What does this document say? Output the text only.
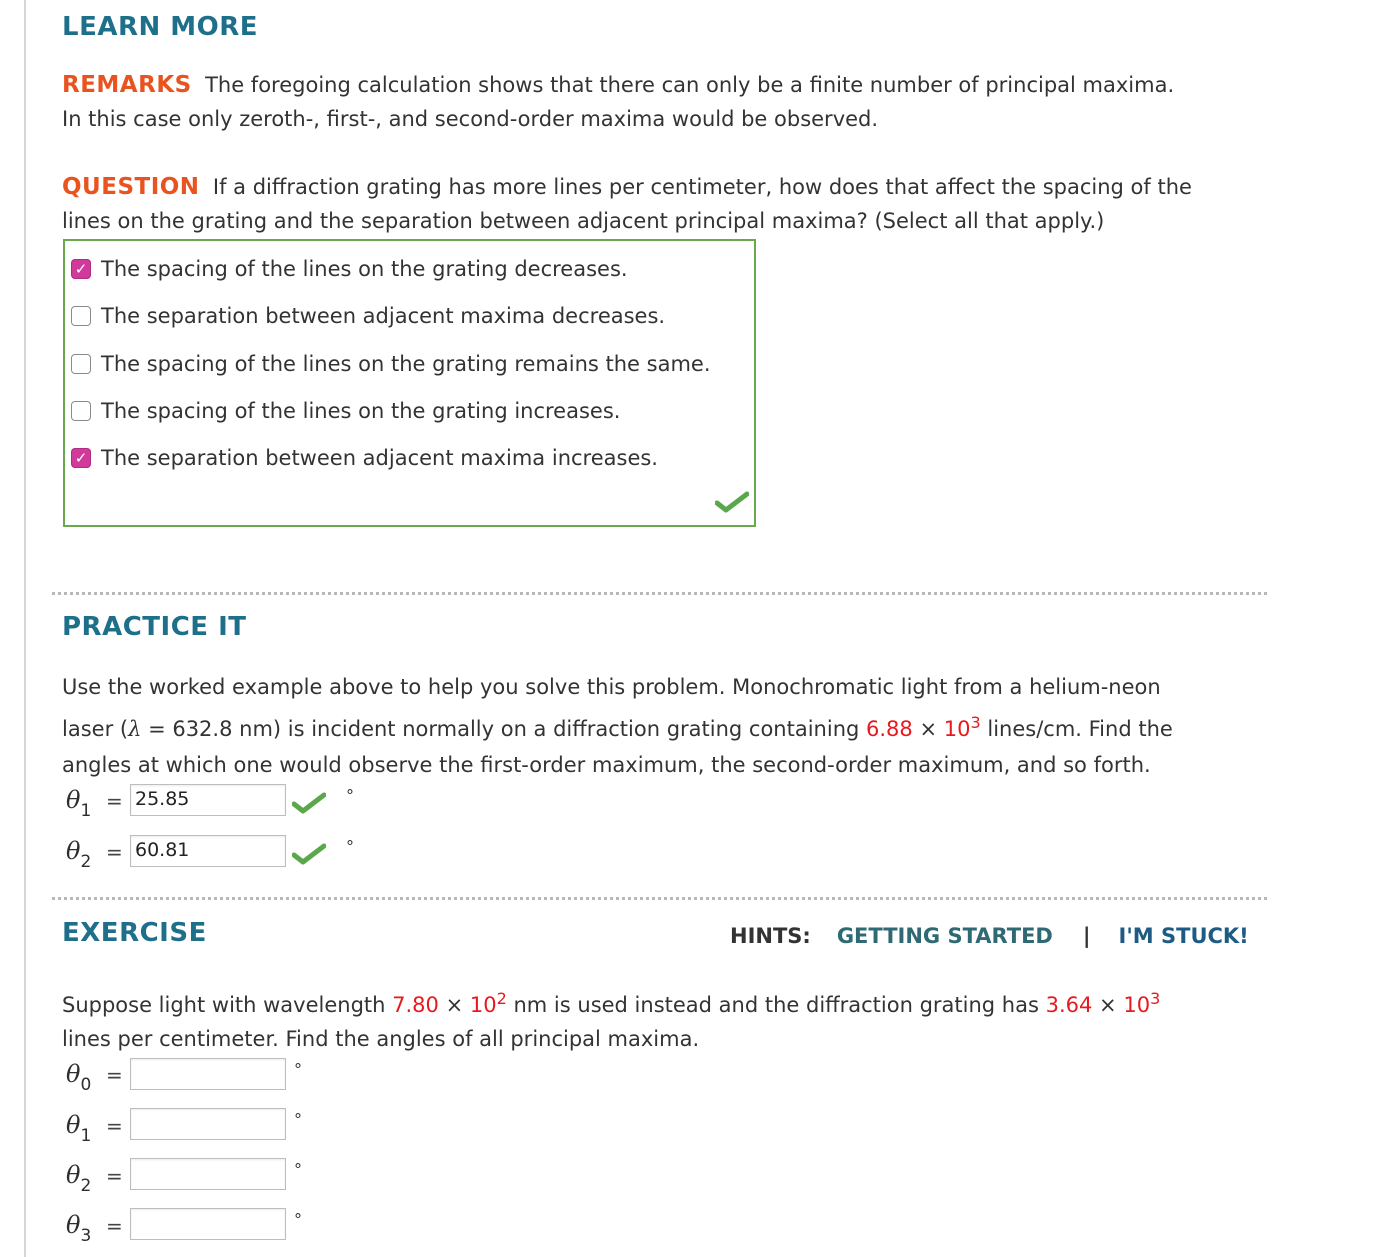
LEARN MORE
REMARKS The foregoing calculation shows that there can only be a finite number of principal maxima.
In this case only zeroth-, first-, and second-order maxima would be observed.
QUESTION If a diffraction grating has more lines per centimeter, how does that affect the spacing of the
lines on the grating and the separation between adjacent principal maxima? (Select all that apply.)
✓ The spacing of the lines on the grating decreases.
The separation between adjacent maxima decreases.
The spacing of the lines on the grating remains the same.
The spacing of the lines on the grating increases.
✓ The separation between adjacent maxima increases.
PRACTICE IT
Use the worked example above to help you solve this problem. Monochromatic light from a helium-neon
laser (λ = 632.8 nm) is incident normally on a diffraction grating containing $6.88 \times 10^3$ lines/cm. Find the
angles at which one would observe the first-order maximum, the second-order maximum, and so forth.
θ1 = 25.85	°
θ2 = 60.81	°
EXERCISE	HINTS: GETTING STARTED | I'M STUCK!
Suppose light with wavelength $7.80 \times 10^2$ nm is used instead and the diffraction grating has $3.64 \times 10^3$
lines per centimeter. Find the angles of all principal maxima.
θ0 =	°
θ1 =	°
θ2 =	°
θ3 =	°
